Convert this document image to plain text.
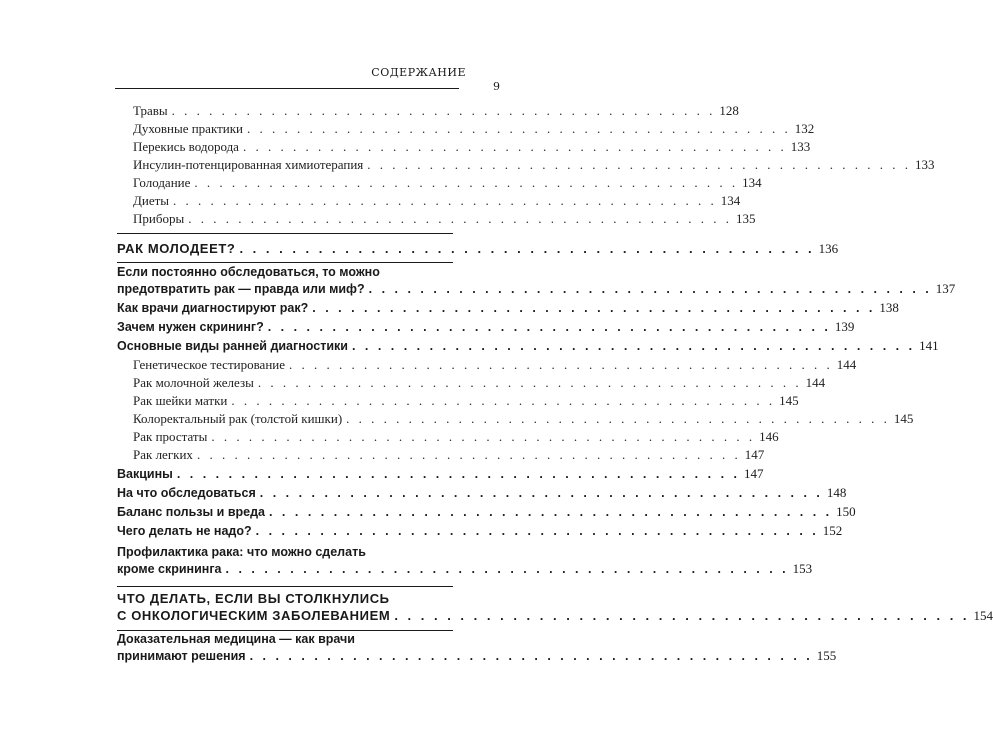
СОДЕРЖАНИЕ
9
Травы . . . . . . . . . . . . . . . . . . . . . . . . . . . . . . . . . . . . . . . . . . . . 128
Духовные практики . . . . . . . . . . . . . . . . . . . . . . . . . . . . . . . . . . . . . . . . . . . . 132
Перекись водорода . . . . . . . . . . . . . . . . . . . . . . . . . . . . . . . . . . . . . . . . . . . . 133
Инсулин-потенцированная химиотерапия . . . . . . . . . . . . . . . . . . . . . . . . . . . . . . . . . . . . . . . . . . . . 133
Голодание . . . . . . . . . . . . . . . . . . . . . . . . . . . . . . . . . . . . . . . . . . . . 134
Диеты . . . . . . . . . . . . . . . . . . . . . . . . . . . . . . . . . . . . . . . . . . . . 134
Приборы . . . . . . . . . . . . . . . . . . . . . . . . . . . . . . . . . . . . . . . . . . . . 135
РАК МОЛОДЕЕТ? . . . . . . . . . . . . . . . . . . . . . . . . . . . . . . . . . . . . . . . . . . . . 136
Если постоянно обследоваться, то можно
предотвратить рак — правда или миф? . . . . . . . . . . . . . . . . . . . . . . . . . . . . . . . . . . . . . . . . . . . . 137
Как врачи диагностируют рак? . . . . . . . . . . . . . . . . . . . . . . . . . . . . . . . . . . . . . . . . . . . . 138
Зачем нужен скрининг? . . . . . . . . . . . . . . . . . . . . . . . . . . . . . . . . . . . . . . . . . . . . 139
Основные виды ранней диагностики . . . . . . . . . . . . . . . . . . . . . . . . . . . . . . . . . . . . . . . . . . . . 141
Генетическое тестирование . . . . . . . . . . . . . . . . . . . . . . . . . . . . . . . . . . . . . . . . . . . . 144
Рак молочной железы . . . . . . . . . . . . . . . . . . . . . . . . . . . . . . . . . . . . . . . . . . . . 144
Рак шейки матки . . . . . . . . . . . . . . . . . . . . . . . . . . . . . . . . . . . . . . . . . . . . 145
Колоректальный рак (толстой кишки) . . . . . . . . . . . . . . . . . . . . . . . . . . . . . . . . . . . . . . . . . . . . 145
Рак простаты . . . . . . . . . . . . . . . . . . . . . . . . . . . . . . . . . . . . . . . . . . . . 146
Рак легких . . . . . . . . . . . . . . . . . . . . . . . . . . . . . . . . . . . . . . . . . . . . 147
Вакцины . . . . . . . . . . . . . . . . . . . . . . . . . . . . . . . . . . . . . . . . . . . . 147
На что обследоваться . . . . . . . . . . . . . . . . . . . . . . . . . . . . . . . . . . . . . . . . . . . . 148
Баланс пользы и вреда . . . . . . . . . . . . . . . . . . . . . . . . . . . . . . . . . . . . . . . . . . . . 150
Чего делать не надо? . . . . . . . . . . . . . . . . . . . . . . . . . . . . . . . . . . . . . . . . . . . . 152
Профилактика рака: что можно сделать
кроме скрининга . . . . . . . . . . . . . . . . . . . . . . . . . . . . . . . . . . . . . . . . . . . . 153
ЧТО ДЕЛАТЬ, ЕСЛИ ВЫ СТОЛКНУЛИСЬ
С ОНКОЛОГИЧЕСКИМ ЗАБОЛЕВАНИЕМ . . . . . . . . . . . . . . . . . . . . . . . . . . . . . . . . . . . . . . . . . . . . 154
Доказательная медицина — как врачи
принимают решения . . . . . . . . . . . . . . . . . . . . . . . . . . . . . . . . . . . . . . . . . . . . 155
